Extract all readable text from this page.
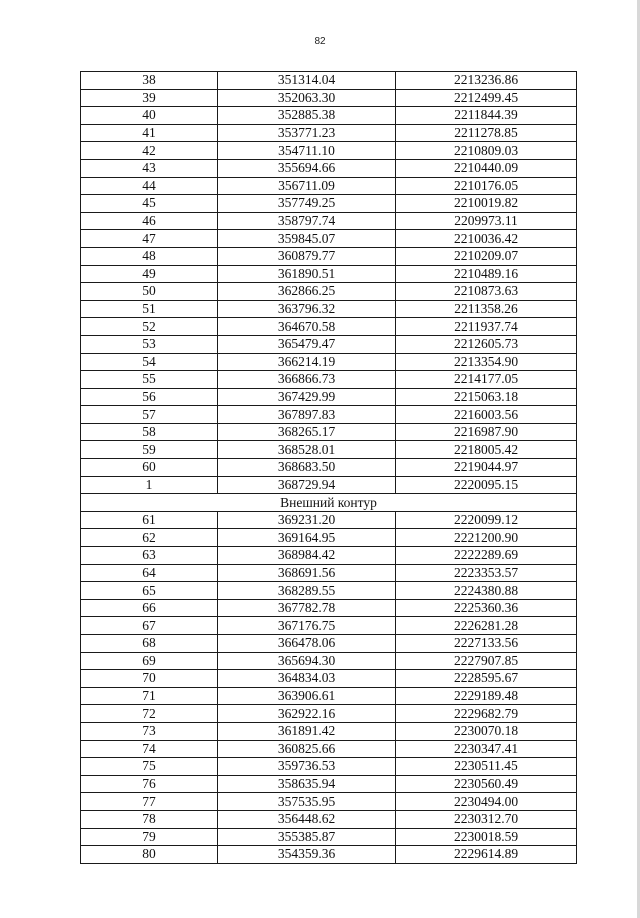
82
38	351314.04	2213236.86
39	352063.30	2212499.45
40	352885.38	2211844.39
41	353771.23	2211278.85
42	354711.10	2210809.03
43	355694.66	2210440.09
44	356711.09	2210176.05
45	357749.25	2210019.82
46	358797.74	2209973.11
47	359845.07	2210036.42
48	360879.77	2210209.07
49	361890.51	2210489.16
50	362866.25	2210873.63
51	363796.32	2211358.26
52	364670.58	2211937.74
53	365479.47	2212605.73
54	366214.19	2213354.90
55	366866.73	2214177.05
56	367429.99	2215063.18
57	367897.83	2216003.56
58	368265.17	2216987.90
59	368528.01	2218005.42
60	368683.50	2219044.97
1	368729.94	2220095.15
Внешний контур		
61	369231.20	2220099.12
62	369164.95	2221200.90
63	368984.42	2222289.69
64	368691.56	2223353.57
65	368289.55	2224380.88
66	367782.78	2225360.36
67	367176.75	2226281.28
68	366478.06	2227133.56
69	365694.30	2227907.85
70	364834.03	2228595.67
71	363906.61	2229189.48
72	362922.16	2229682.79
73	361891.42	2230070.18
74	360825.66	2230347.41
75	359736.53	2230511.45
76	358635.94	2230560.49
77	357535.95	2230494.00
78	356448.62	2230312.70
79	355385.87	2230018.59
80	354359.36	2229614.89
